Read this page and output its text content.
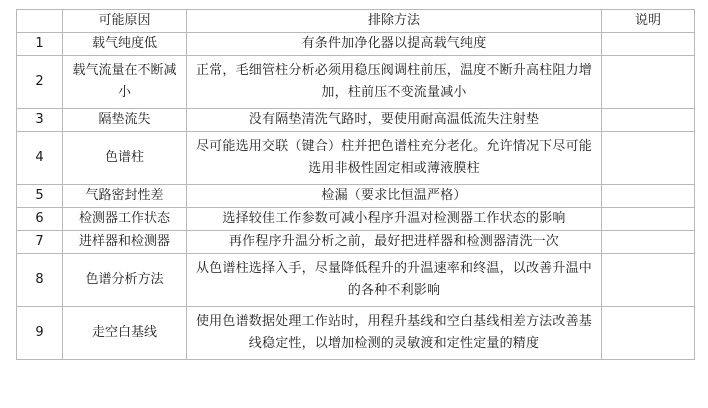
	可能原因	排除方法	说明
1	载气纯度低	有条件加净化器以提高载气纯度	
2	载气流量在不断减小	正常，毛细管柱分析必须用稳压阀调柱前压，温度不断升高柱阻力增加，柱前压不变流量减小	
3	隔垫流失	没有隔垫清洗气路时，要使用耐高温低流失注射垫	
4	色谱柱	尽可能选用交联（键合）柱并把色谱柱充分老化。允许情况下尽可能选用非极性固定相或薄液膜柱	
5	气路密封性差	检漏（要求比恒温严格）	
6	检测器工作状态	选择较佳工作参数可减小程序升温对检测器工作状态的影响	
7	进样器和检测器	再作程序升温分析之前，最好把进样器和检测器清洗一次	
8	色谱分析方法	从色谱柱选择入手，尽量降低程升的升温速率和终温，以改善升温中的各种不利影响	
9	走空白基线	使用色谱数据处理工作站时，用程升基线和空白基线相差方法改善基线稳定性，以增加检测的灵敏渡和定性定量的精度	
